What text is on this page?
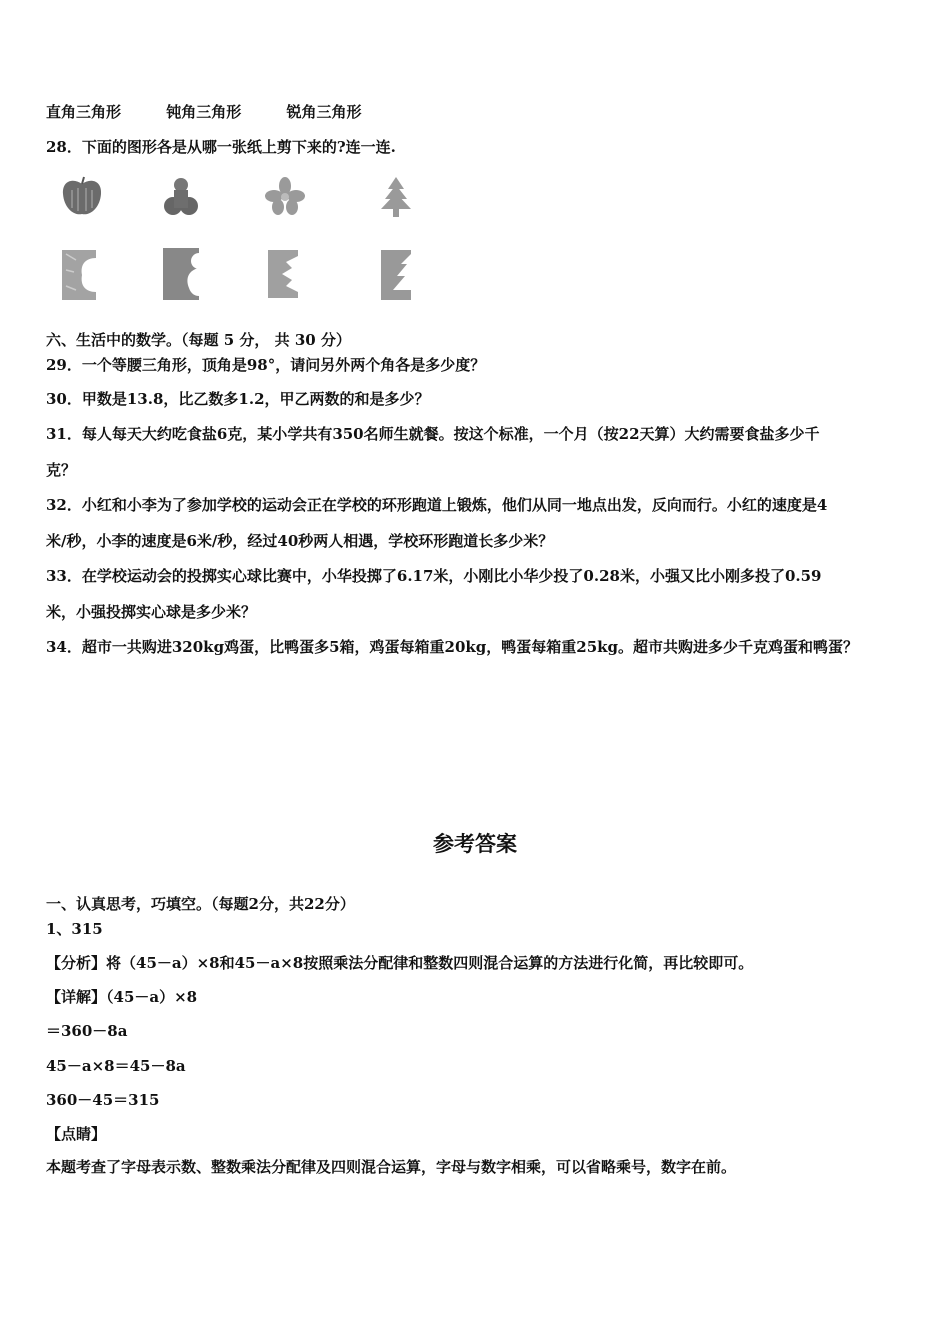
直角三角形	钝角三角形	锐角三角形
28．下面的图形各是从哪一张纸上剪下来的?连一连.
六、生活中的数学。（每题 5 分， 共 30 分）
29．一个等腰三角形，顶角是98°，请问另外两个角各是多少度？
30．甲数是13.8，比乙数多1.2，甲乙两数的和是多少？
31．每人每天大约吃食盐6克，某小学共有350名师生就餐。按这个标准，一个月（按22天算）大约需要食盐多少千
克？
32．小红和小李为了参加学校的运动会正在学校的环形跑道上锻炼，他们从同一地点出发，反向而行。小红的速度是4
米/秒，小李的速度是6米/秒，经过40秒两人相遇，学校环形跑道长多少米？
33．在学校运动会的投掷实心球比赛中，小华投掷了6.17米，小刚比小华少投了0.28米，小强又比小刚多投了0.59
米，小强投掷实心球是多少米？
34．超市一共购进320kg鸡蛋，比鸭蛋多5箱，鸡蛋每箱重20kg，鸭蛋每箱重25kg。超市共购进多少千克鸡蛋和鸭蛋？
参考答案
一、认真思考，巧填空。（每题2分，共22分）
1、315
【分析】将（45－a）×8和45－a×8按照乘法分配律和整数四则混合运算的方法进行化简，再比较即可。
【详解】（45－a）×8
＝360－8a
45－a×8＝45－8a
360－45＝315
【点睛】
本题考查了字母表示数、整数乘法分配律及四则混合运算，字母与数字相乘，可以省略乘号，数字在前。
